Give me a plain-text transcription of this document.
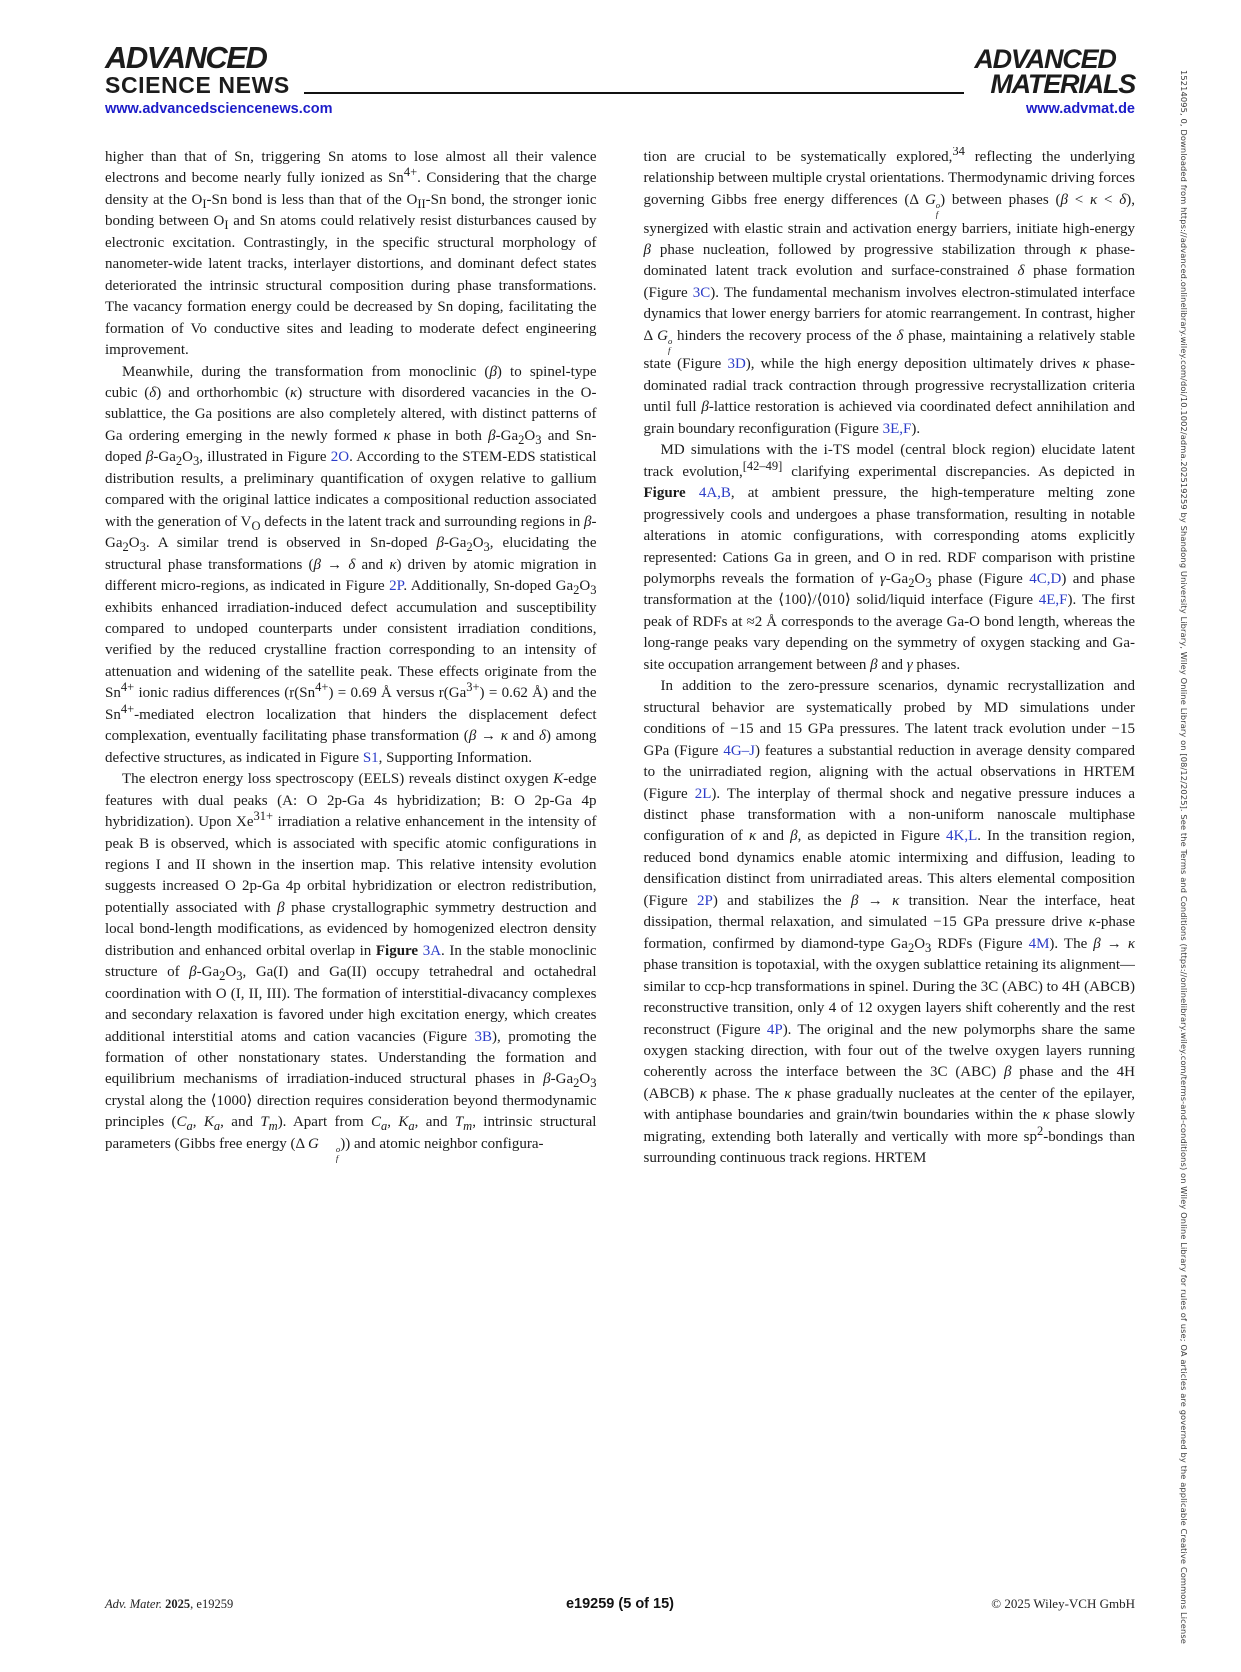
15214095, 0, Downloaded from https://advanced.onlinelibrary.wiley.com/doi/10.1002/adma.202519259 by Shandong University Library, Wiley Online Library on [08/12/2025]. See the Terms and Conditions (https://onlinelibrary.wiley.com/terms-and-conditions) on Wiley Online Library for rules of use; OA articles are governed by the applicable Creative Commons License
ADVANCED
SCIENCE NEWS
ADVANCED
MATERIALS
www.advancedsciencenews.com	www.advmat.de

higher than that of Sn, triggering Sn atoms to lose almost all their valence electrons and become nearly fully ionized as $Sn^{4+}$. Considering that the charge density at the $O_I-Sn$ bond is less than that of the $O_{II}-Sn$ bond, the stronger ionic bonding between $O_I$ and Sn atoms could relatively resist disturbances caused by electronic excitation. Contrastingly, in the specific structural morphology of nanometer-wide latent tracks, interlayer distortions, and dominant defect states deteriorated the intrinsic structural composition during phase transformations. The vacancy formation energy could be decreased by Sn doping, facilitating the formation of Vo conductive sites and leading to moderate defect engineering improvement.

Meanwhile, during the transformation from monoclinic (β) to spinel-type cubic (δ) and orthorhombic (κ) structure with disordered vacancies in the O-sublattice, the Ga positions are also completely altered, with distinct patterns of Ga ordering emerging in the newly formed κ phase in both $\beta-Ga_2O_3$ and Sn-doped $\beta-Ga_2O_3$, illustrated in Figure 2O. According to the STEM-EDS statistical distribution results, a preliminary quantification of oxygen relative to gallium compared with the original lattice indicates a compositional reduction associated with the generation of $V_O$ defects in the latent track and surrounding regions in $\beta-Ga_2O_3$. A similar trend is observed in Sn-doped $\beta-Ga_2O_3$, elucidating the structural phase transformations (β → δ and κ) driven by atomic migration in different micro-regions, as indicated in Figure 2P. Additionally, Sn-doped $Ga_2O_3$ exhibits enhanced irradiation-induced defect accumulation and susceptibility compared to undoped counterparts under consistent irradiation conditions, verified by the reduced crystalline fraction corresponding to an intensity of attenuation and widening of the satellite peak. These effects originate from the $Sn^{4+}$ ionic radius differences ($r(Sn^{4+}) = 0.69$ Å versus $r(Ga^{3+}) = 0.62$ Å) and the $Sn^{4+}$-mediated electron localization that hinders the displacement defect complexation, eventually facilitating phase transformation (β → κ and δ) among defective structures, as indicated in Figure S1, Supporting Information.

The electron energy loss spectroscopy (EELS) reveals distinct oxygen K-edge features with dual peaks (A: O 2p-Ga 4s hybridization; B: O 2p-Ga 4p hybridization). Upon $Xe^{31+}$ irradiation a relative enhancement in the intensity of peak B is observed, which is associated with specific atomic configurations in regions I and II shown in the insertion map. This relative intensity evolution suggests increased O 2p-Ga 4p orbital hybridization or electron redistribution, potentially associated with β phase crystallographic symmetry destruction and local bond-length modifications, as evidenced by homogenized electron density distribution and enhanced orbital overlap in Figure 3A. In the stable monoclinic structure of $\beta-Ga_2O_3$, Ga(I) and Ga(II) occupy tetrahedral and octahedral coordination with O (I, II, III). The formation of interstitial-divacancy complexes and secondary relaxation is favored under high excitation energy, which creates additional interstitial atoms and cation vacancies (Figure 3B), promoting the formation of other nonstationary states. Understanding the formation and equilibrium mechanisms of irradiation-induced structural phases in $\beta-Ga_2O_3$ crystal along the ⟨1000⟩ direction requires consideration beyond thermodynamic principles ($C_a$, $K_a$, and $T_m$). Apart from $C_a$, $K_a$, and $T_m$, intrinsic structural parameters (Gibbs free energy (Δ G	o
f
)) and atomic neighbor configura-

tion are crucial to be systematically explored,$^{34}$ reflecting the underlying relationship between multiple crystal orientations. Thermodynamic driving forces governing Gibbs free energy differences (Δ G o
f
) between phases (β < κ < δ), synergized with elastic strain and activation energy barriers, initiate high-energy β phase nucleation, followed by progressive stabilization through κ phase-dominated latent track evolution and surface-constrained δ phase formation (Figure 3C). The fundamental mechanism involves electron-stimulated interface dynamics that lower energy barriers for atomic rearrangement. In contrast, higher Δ G o
f
hinders the recovery process of the δ phase, maintaining a relatively stable state (Figure 3D), while the high energy deposition ultimately drives κ phase-dominated radial track contraction through progressive recrystallization criteria until full β-lattice restoration is achieved via coordinated defect annihilation and grain boundary reconfiguration (Figure 3E,F).

MD simulations with the i-TS model (central block region) elucidate latent track evolution,[42–49] clarifying experimental discrepancies. As depicted in Figure 4A,B, at ambient pressure, the high-temperature melting zone progressively cools and undergoes a phase transformation, resulting in notable alterations in atomic configurations, with corresponding atoms explicitly represented: Cations Ga in green, and O in red. RDF comparison with pristine polymorphs reveals the formation of $\gamma-Ga_2O_3$ phase (Figure 4C,D) and phase transformation at the ⟨100⟩/⟨010⟩ solid/liquid interface (Figure 4E,F). The first peak of RDFs at ≈2 Å corresponds to the average Ga-O bond length, whereas the long-range peaks vary depending on the symmetry of oxygen stacking and Ga-site occupation arrangement between β and γ phases.

In addition to the zero-pressure scenarios, dynamic recrystallization and structural behavior are systematically probed by MD simulations under conditions of −15 and 15 GPa pressures. The latent track evolution under −15 GPa (Figure 4G–J) features a substantial reduction in average density compared to the unirradiated region, aligning with the actual observations in HRTEM (Figure 2L). The interplay of thermal shock and negative pressure induces a distinct phase transformation with a non-uniform nanoscale multiphase configuration of κ and β, as depicted in Figure 4K,L. In the transition region, reduced bond dynamics enable atomic intermixing and diffusion, leading to densification distinct from unirradiated areas. This alters elemental composition (Figure 2P) and stabilizes the β → κ transition. Near the interface, heat dissipation, thermal relaxation, and simulated −15 GPa pressure drive κ-phase formation, confirmed by diamond-type $Ga_2O_3$ RDFs (Figure 4M). The β → κ phase transition is topotaxial, with the oxygen sublattice retaining its alignment—similar to ccp-hcp transformations in spinel. During the 3C (ABC) to 4H (ABCB) reconstructive transition, only 4 of 12 oxygen layers shift coherently and the rest reconstruct (Figure 4P). The original and the new polymorphs share the same oxygen stacking direction, with four out of the twelve oxygen layers running coherently across the interface between the 3C (ABC) β phase and the 4H (ABCB) κ phase. The κ phase gradually nucleates at the center of the epilayer, with antiphase boundaries and grain/twin boundaries within the κ phase slowly migrating, extending both laterally and vertically with more $sp^2$-bondings than surrounding continuous track regions. HRTEM

Adv. Mater. 2025, e19259	e19259 (5 of 15)	© 2025 Wiley-VCH GmbH
